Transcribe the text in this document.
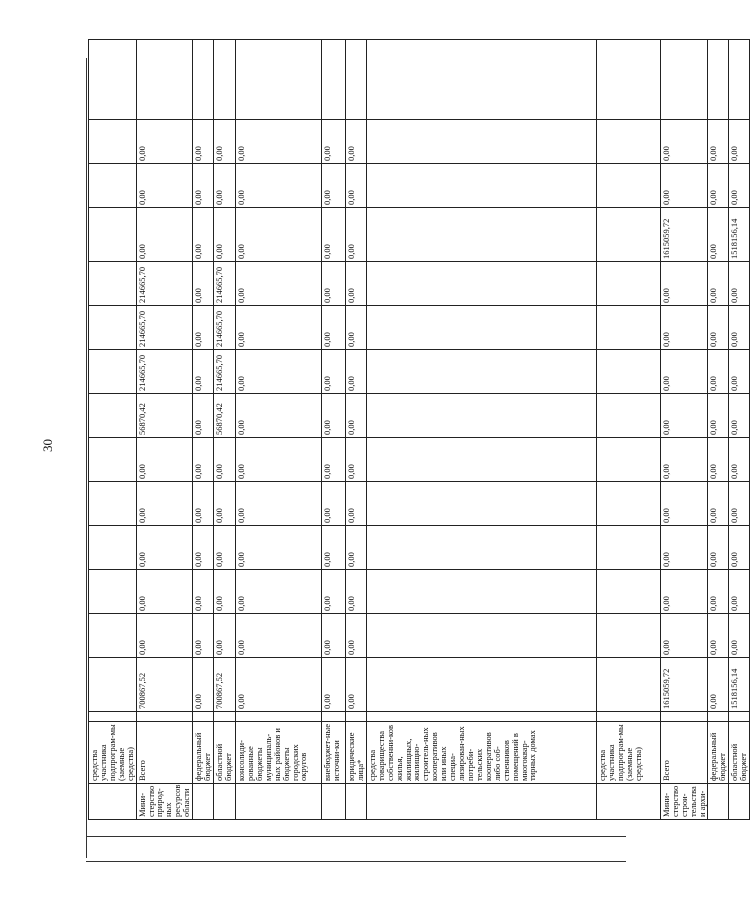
30
	средства участника подпрограм-мы (заемные средства)															
Мини-стерство природ-ных ресурсов области	Всего		700867,52	0,00	0,00	0,00	0,00	0,00	56870,42	214665,70	214665,70	214665,70	0,00	0,00	0,00	
	федеральный бюджет		0,00	0,00	0,00	0,00	0,00	0,00	0,00	0,00	0,00	0,00	0,00	0,00	0,00	
	областной бюджет		700867,52	0,00	0,00	0,00	0,00	0,00	56870,42	214665,70	214665,70	214665,70	0,00	0,00	0,00	
	консолиди-рованные бюджеты муниципаль-ных районов и бюджеты городских округов		0,00	0,00	0,00	0,00	0,00	0,00	0,00	0,00	0,00	0,00	0,00	0,00	0,00	
	внебюджет-ные источни-ки		0,00	0,00	0,00	0,00	0,00	0,00	0,00	0,00	0,00	0,00	0,00	0,00	0,00	
	юридические лица*		0,00	0,00	0,00	0,00	0,00	0,00	0,00	0,00	0,00	0,00	0,00	0,00	0,00	
	средства товарищества собственни-ков жилья, жилищных, жилищно-строитель-ных кооперативов или иных специа-лизирован-ных потреби-тельских кооперативов либо соб-ственников помещений в многоквар-тирных домах															
	средства участника подпрограм-мы (заемные средства)															
Мини-стерство строи-тельства и архи-	Всего		1615059,72	0,00	0,00	0,00	0,00	0,00	0,00	0,00	0,00	0,00	1615059,72	0,00	0,00	
	федеральный бюджет		0,00	0,00	0,00	0,00	0,00	0,00	0,00	0,00	0,00	0,00	0,00	0,00	0,00	
	областной бюджет		1518156,14	0,00	0,00	0,00	0,00	0,00	0,00	0,00	0,00	0,00	1518156,14	0,00	0,00	
